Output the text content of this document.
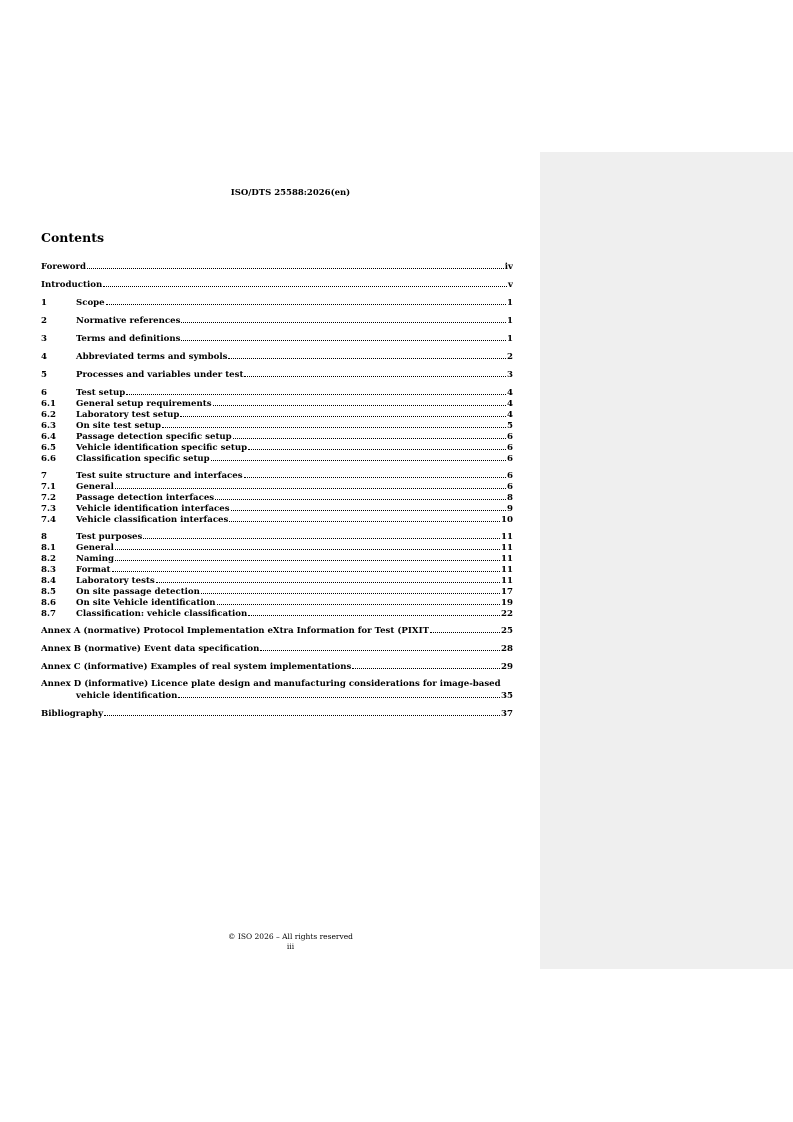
ISO/DTS 25588:2026(en)
Contents
Foreword	iv
Introduction	v
1	Scope	1
2	Normative references	1
3	Terms and definitions	1
4	Abbreviated terms and symbols	2
5	Processes and variables under test	3
6	Test setup	4
6.1	General setup requirements	4
6.2	Laboratory test setup	4
6.3	On site test setup	5
6.4	Passage detection specific setup	6
6.5	Vehicle identification specific setup	6
6.6	Classification specific setup	6
7	Test suite structure and interfaces	6
7.1	General	6
7.2	Passage detection interfaces	8
7.3	Vehicle identification interfaces	9
7.4	Vehicle classification interfaces	10
8	Test purposes	11
8.1	General	11
8.2	Naming	11
8.3	Format	11
8.4	Laboratory tests	11
8.5	On site passage detection	17
8.6	On site Vehicle identification	19
8.7	Classification: vehicle classification	22
Annex A (normative) Protocol Implementation eXtra Information for Test (PIXIT	25
Annex B (normative) Event data specification	28
Annex C (informative) Examples of real system implementations	29
Annex D (informative) Licence plate design and manufacturing considerations for image-based
vehicle identification	35
Bibliography	37
© ISO 2026 – All rights reserved
iii
